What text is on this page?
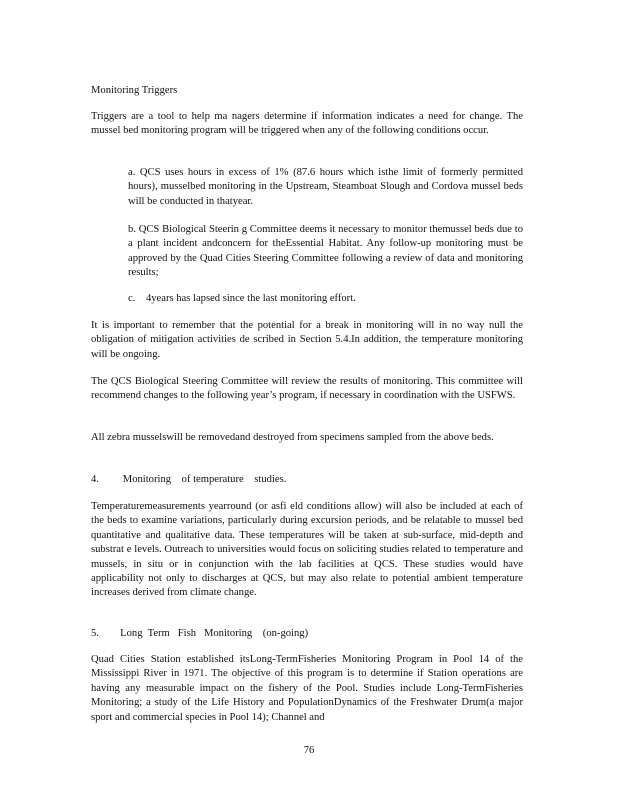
Monitoring Triggers

Triggers are a tool to help ma nagers determine if information indicates a need for change. The mussel bed monitoring program will be triggered when any of the following conditions occur.

a. QCS uses hours in excess of 1% (87.6 hours which isthe limit of formerly permitted hours), musselbed monitoring in the Upstream, Steamboat Slough and Cordova mussel beds will be conducted in thatyear.

b. QCS Biological Steerin g Committee deems it necessary to monitor themussel beds due to a plant incident andconcern for theEssential Habitat. Any follow-up monitoring must be approved by the Quad Cities Steering Committee following a review of data and monitoring results;

c.    4years has lapsed since the last monitoring effort.

It is important to remember that the potential for a break in monitoring will in no way null the obligation of mitigation activities de scribed in Section 5.4.In addition, the temperature monitoring will be ongoing.

The QCS Biological Steering Committee will review the results of monitoring. This committee will recommend changes to the following year’s program, if necessary in coordination with the USFWS.

All zebra musselswill be removedand destroyed from specimens sampled from the above beds.

4.         Monitoring    of temperature    studies.

Temperaturemeasurements yearround (or asfi eld conditions allow) will also be included at each of the beds to examine variations, particularly during excursion periods, and be relatable to mussel bed quantitative and qualitative data. These temperatures will be taken at sub-surface, mid-depth and substrat e levels. Outreach to universities would focus on soliciting studies related to temperature and mussels, in situ or in conjunction with the lab facilities at QCS. These studies would have applicability not only to discharges at QCS, but may also relate to potential ambient temperature increases derived from climate change.

5.        Long  Term   Fish   Monitoring    (on-going)

Quad Cities Station established itsLong-TermFisheries Monitoring Program in Pool 14 of the Mississippi River in 1971. The objective of this program is to determine if Station operations are having any measurable impact on the fishery of the Pool. Studies include Long-TermFisheries Monitoring; a study of the Life History and PopulationDynamics of the Freshwater Drum(a major sport and commercial species in Pool 14); Channel and

76
